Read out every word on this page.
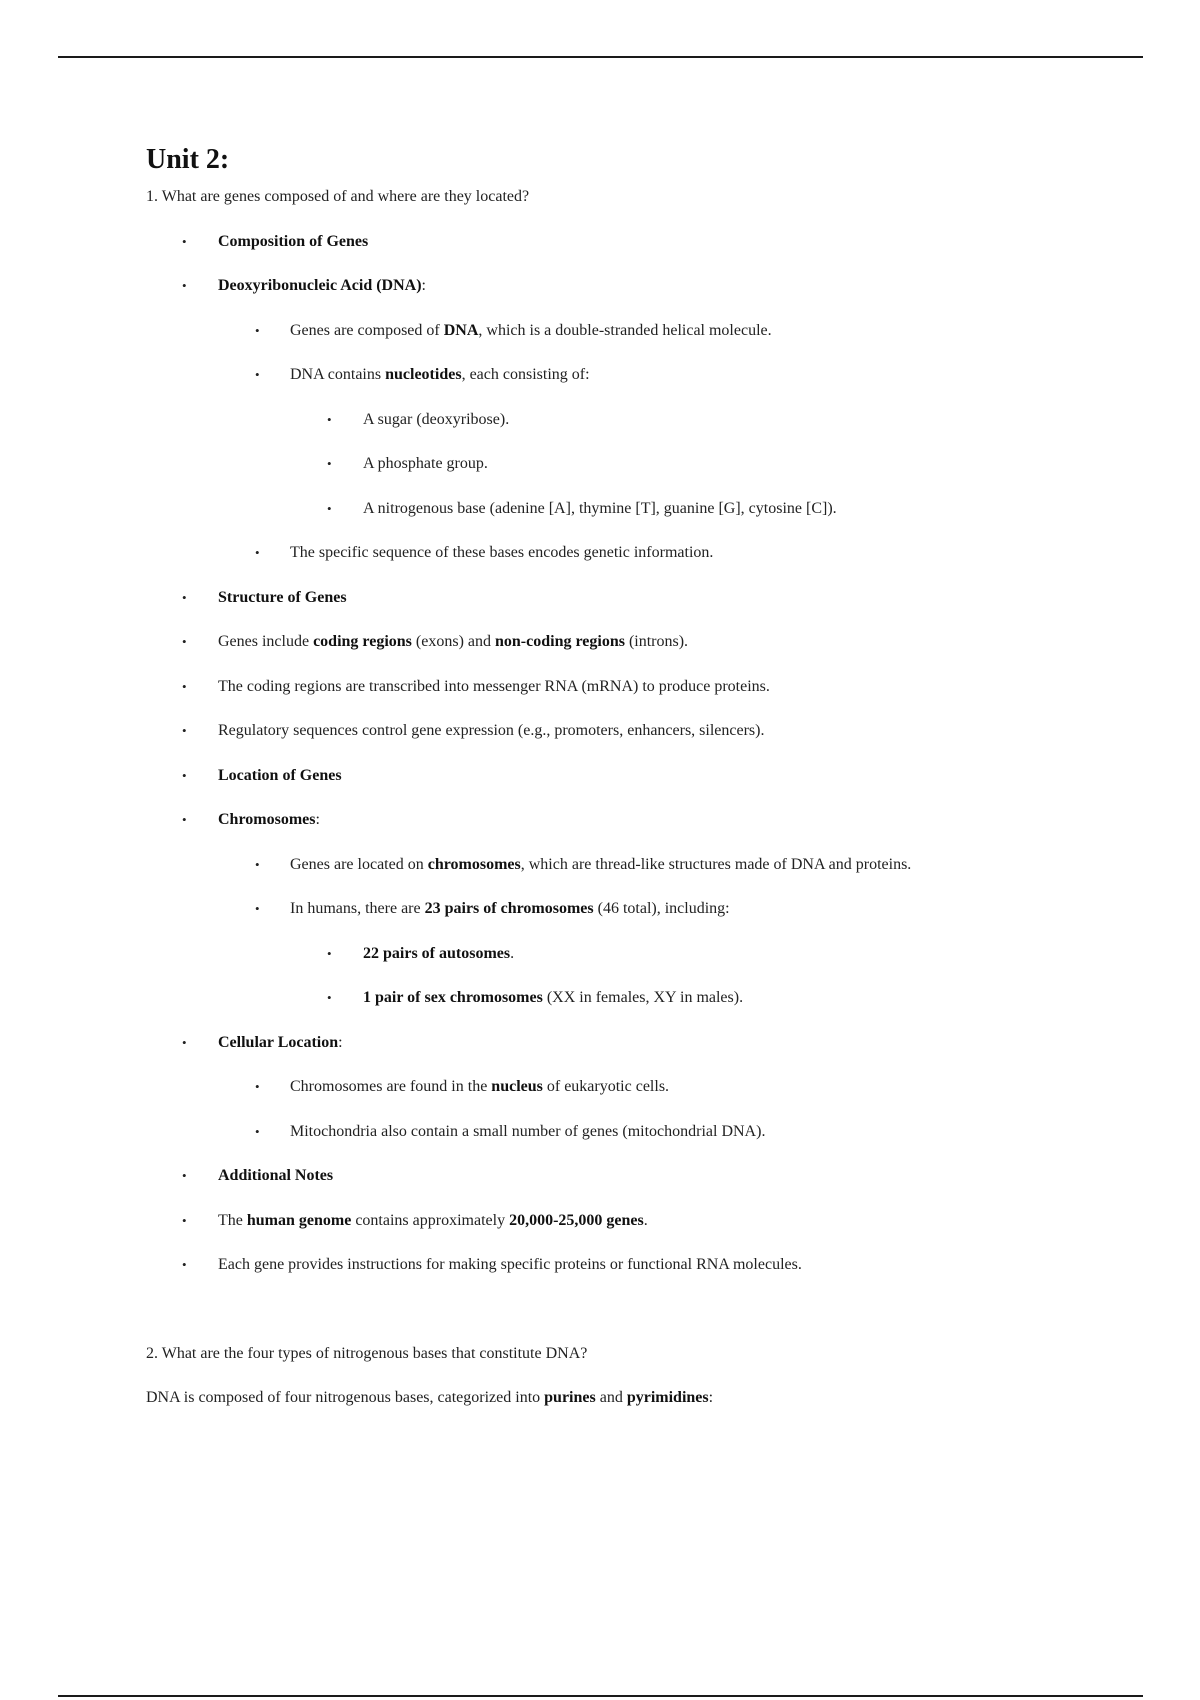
Unit 2:

1. What are genes composed of and where are they located?

• Composition of Genes
• Deoxyribonucleic Acid (DNA):
• Genes are composed of DNA, which is a double-stranded helical molecule.
• DNA contains nucleotides, each consisting of:
• A sugar (deoxyribose).
• A phosphate group.
• A nitrogenous base (adenine [A], thymine [T], guanine [G], cytosine [C]).
• The specific sequence of these bases encodes genetic information.
• Structure of Genes
• Genes include coding regions (exons) and non-coding regions (introns).
• The coding regions are transcribed into messenger RNA (mRNA) to produce proteins.
• Regulatory sequences control gene expression (e.g., promoters, enhancers, silencers).
• Location of Genes
• Chromosomes:
• Genes are located on chromosomes, which are thread-like structures made of DNA and proteins.
• In humans, there are 23 pairs of chromosomes (46 total), including:
• 22 pairs of autosomes.
• 1 pair of sex chromosomes (XX in females, XY in males).
• Cellular Location:
• Chromosomes are found in the nucleus of eukaryotic cells.
• Mitochondria also contain a small number of genes (mitochondrial DNA).
• Additional Notes
• The human genome contains approximately 20,000-25,000 genes.
• Each gene provides instructions for making specific proteins or functional RNA molecules.

2. What are the four types of nitrogenous bases that constitute DNA?

DNA is composed of four nitrogenous bases, categorized into purines and pyrimidines:
